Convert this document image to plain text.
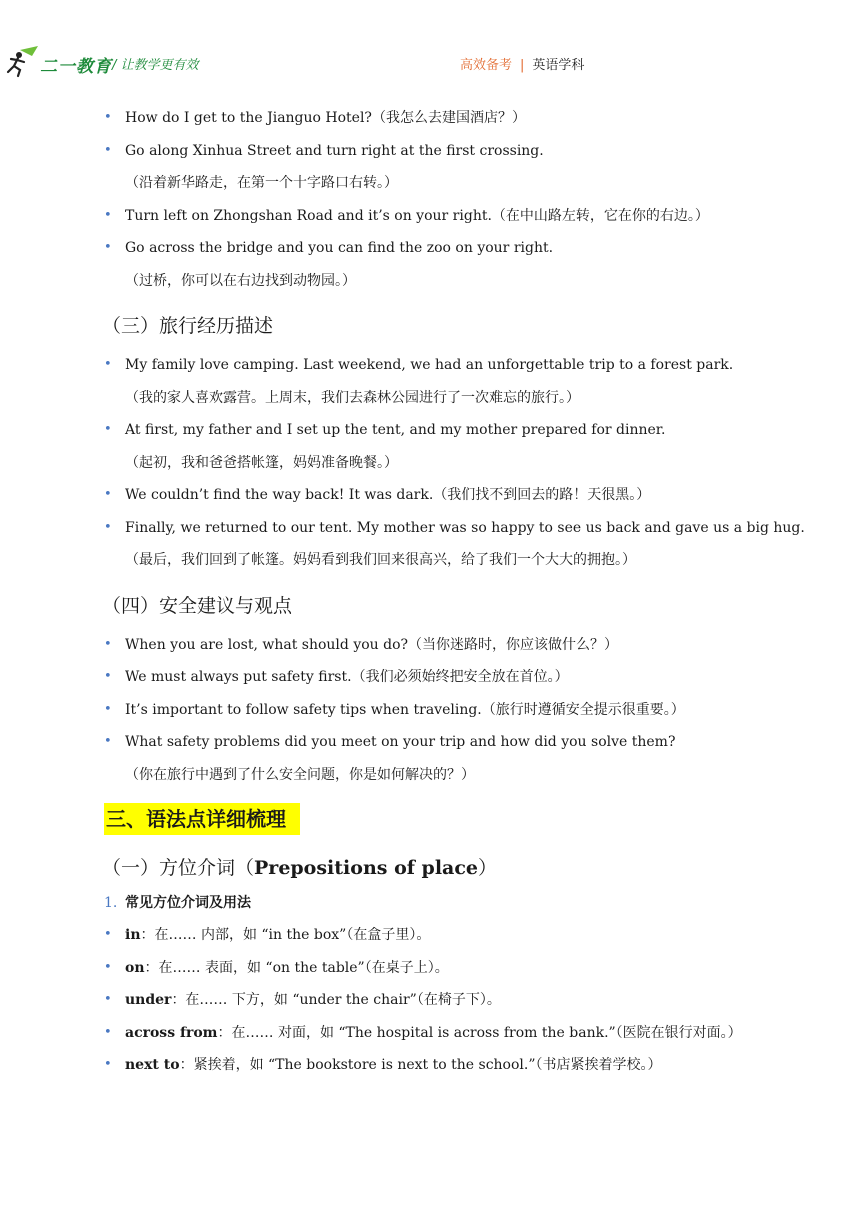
二一教育 / 让教学更有效	高效备考 | 英语学科
• How do I get to the Jianguo Hotel?（我怎么去建国酒店？）
• Go along Xinhua Street and turn right at the first crossing.
（沿着新华路走，在第一个十字路口右转。）
• Turn left on Zhongshan Road and it’s on your right.（在中山路左转，它在你的右边。）
• Go across the bridge and you can find the zoo on your right.
（过桥，你可以在右边找到动物园。）
（三）旅行经历描述
• My family love camping. Last weekend, we had an unforgettable trip to a forest park.
（我的家人喜欢露营。上周末，我们去森林公园进行了一次难忘的旅行。）
• At first, my father and I set up the tent, and my mother prepared for dinner.
（起初，我和爸爸搭帐篷，妈妈准备晚餐。）
• We couldn’t find the way back! It was dark.（我们找不到回去的路！天很黑。）
• Finally, we returned to our tent. My mother was so happy to see us back and gave us a big hug.
（最后，我们回到了帐篷。妈妈看到我们回来很高兴，给了我们一个大大的拥抱。）
（四）安全建议与观点
• When you are lost, what should you do?（当你迷路时，你应该做什么？）
• We must always put safety first.（我们必须始终把安全放在首位。）
• It’s important to follow safety tips when traveling.（旅行时遵循安全提示很重要。）
• What safety problems did you meet on your trip and how did you solve them?
（你在旅行中遇到了什么安全问题，你是如何解决的？）
三、语法点详细梳理
（一）方位介词（Prepositions of place）
1. 常见方位介词及用法
• in：在…… 内部，如 “in the box”（在盒子里）。
• on：在…… 表面，如 “on the table”（在桌子上）。
• under：在…… 下方，如 “under the chair”（在椅子下）。
• across from：在…… 对面，如 “The hospital is across from the bank.”（医院在银行对面。）
• next to：紧挨着，如 “The bookstore is next to the school.”（书店紧挨着学校。）
